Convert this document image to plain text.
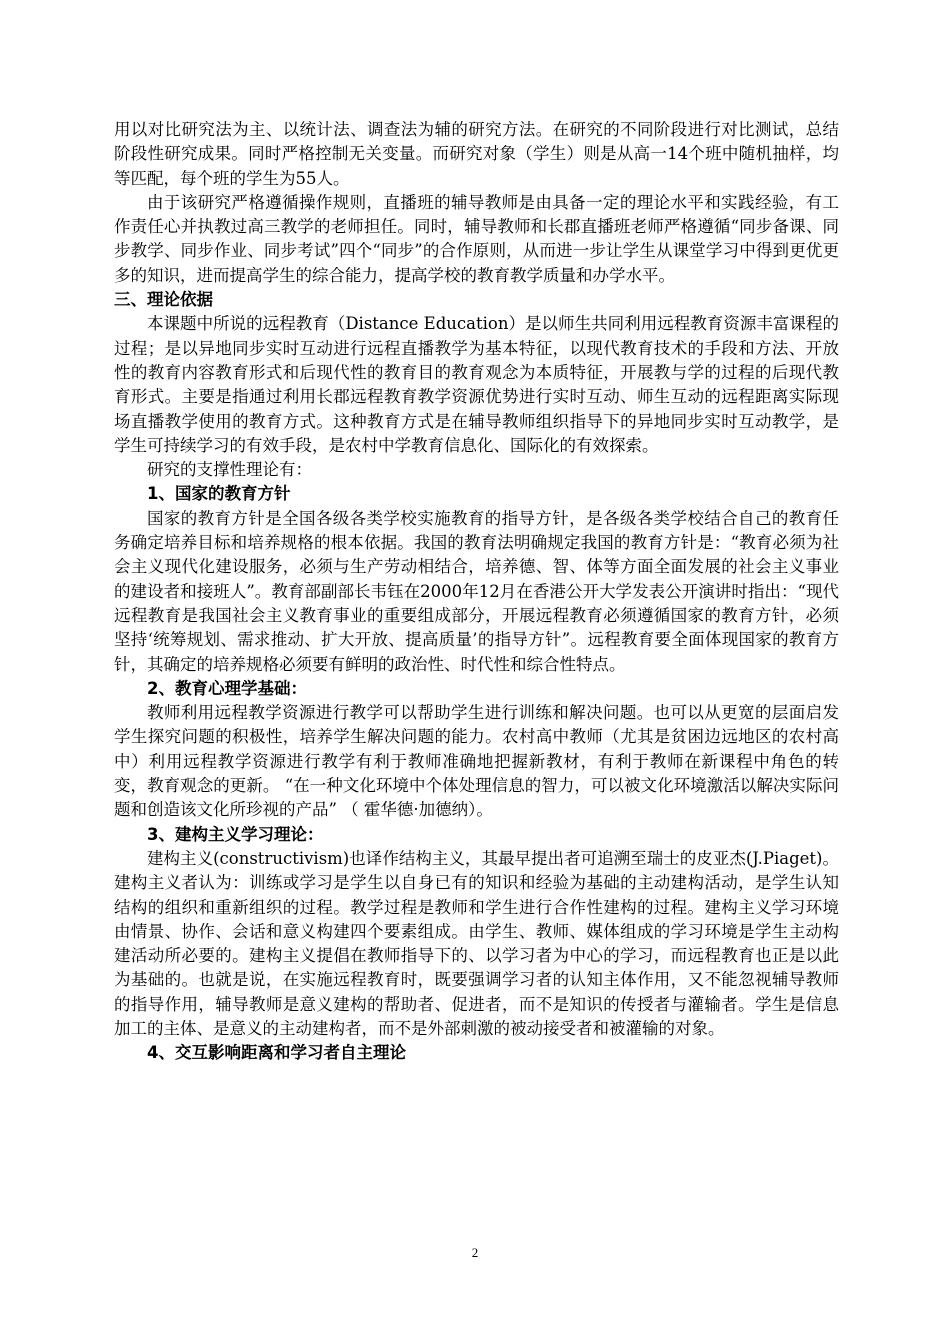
用以对比研究法为主、以统计法、调查法为辅的研究方法。在研究的不同阶段进行对比测试，总结阶段性研究成果。同时严格控制无关变量。而研究对象（学生）则是从高一14个班中随机抽样，均等匹配，每个班的学生为55人。

由于该研究严格遵循操作规则，直播班的辅导教师是由具备一定的理论水平和实践经验，有工作责任心并执教过高三教学的老师担任。同时，辅导教师和长郡直播班老师严格遵循“同步备课、同步教学、同步作业、同步考试”四个“同步”的合作原则，从而进一步让学生从课堂学习中得到更优更多的知识，进而提高学生的综合能力，提高学校的教育教学质量和办学水平。

三、理论依据

本课题中所说的远程教育（Distance Education）是以师生共同利用远程教育资源丰富课程的过程；是以异地同步实时互动进行远程直播教学为基本特征，以现代教育技术的手段和方法、开放性的教育内容教育形式和后现代性的教育目的教育观念为本质特征，开展教与学的过程的后现代教育形式。主要是指通过利用长郡远程教育教学资源优势进行实时互动、师生互动的远程距离实际现场直播教学使用的教育方式。这种教育方式是在辅导教师组织指导下的异地同步实时互动教学，是学生可持续学习的有效手段，是农村中学教育信息化、国际化的有效探索。

研究的支撑性理论有：

1、国家的教育方针

国家的教育方针是全国各级各类学校实施教育的指导方针，是各级各类学校结合自己的教育任务确定培养目标和培养规格的根本依据。我国的教育法明确规定我国的教育方针是：“教育必须为社会主义现代化建设服务，必须与生产劳动相结合，培养德、智、体等方面全面发展的社会主义事业的建设者和接班人”。教育部副部长韦钰在2000年12月在香港公开大学发表公开演讲时指出：“现代远程教育是我国社会主义教育事业的重要组成部分，开展远程教育必须遵循国家的教育方针，必须坚持‘统筹规划、需求推动、扩大开放、提高质量’的指导方针”。远程教育要全面体现国家的教育方针，其确定的培养规格必须要有鲜明的政治性、时代性和综合性特点。

2、教育心理学基础：

教师利用远程教学资源进行教学可以帮助学生进行训练和解决问题。也可以从更宽的层面启发学生探究问题的积极性，培养学生解决问题的能力。农村高中教师（尤其是贫困边远地区的农村高中）利用远程教学资源进行教学有利于教师准确地把握新教材，有利于教师在新课程中角色的转变，教育观念的更新。 “在一种文化环境中个体处理信息的智力，可以被文化环境激活以解决实际问题和创造该文化所珍视的产品” （ 霍华德·加德纳）。

3、建构主义学习理论：

建构主义(constructivism)也译作结构主义，其最早提出者可追溯至瑞士的皮亚杰(J.Piaget)。建构主义者认为：训练或学习是学生以自身已有的知识和经验为基础的主动建构活动，是学生认知结构的组织和重新组织的过程。教学过程是教师和学生进行合作性建构的过程。建构主义学习环境由情景、协作、会话和意义构建四个要素组成。由学生、教师、媒体组成的学习环境是学生主动构建活动所必要的。建构主义提倡在教师指导下的、以学习者为中心的学习，而远程教育也正是以此为基础的。也就是说，在实施远程教育时，既要强调学习者的认知主体作用，又不能忽视辅导教师的指导作用，辅导教师是意义建构的帮助者、促进者，而不是知识的传授者与灌输者。学生是信息加工的主体、是意义的主动建构者，而不是外部刺激的被动接受者和被灌输的对象。

4、交互影响距离和学习者自主理论

2
